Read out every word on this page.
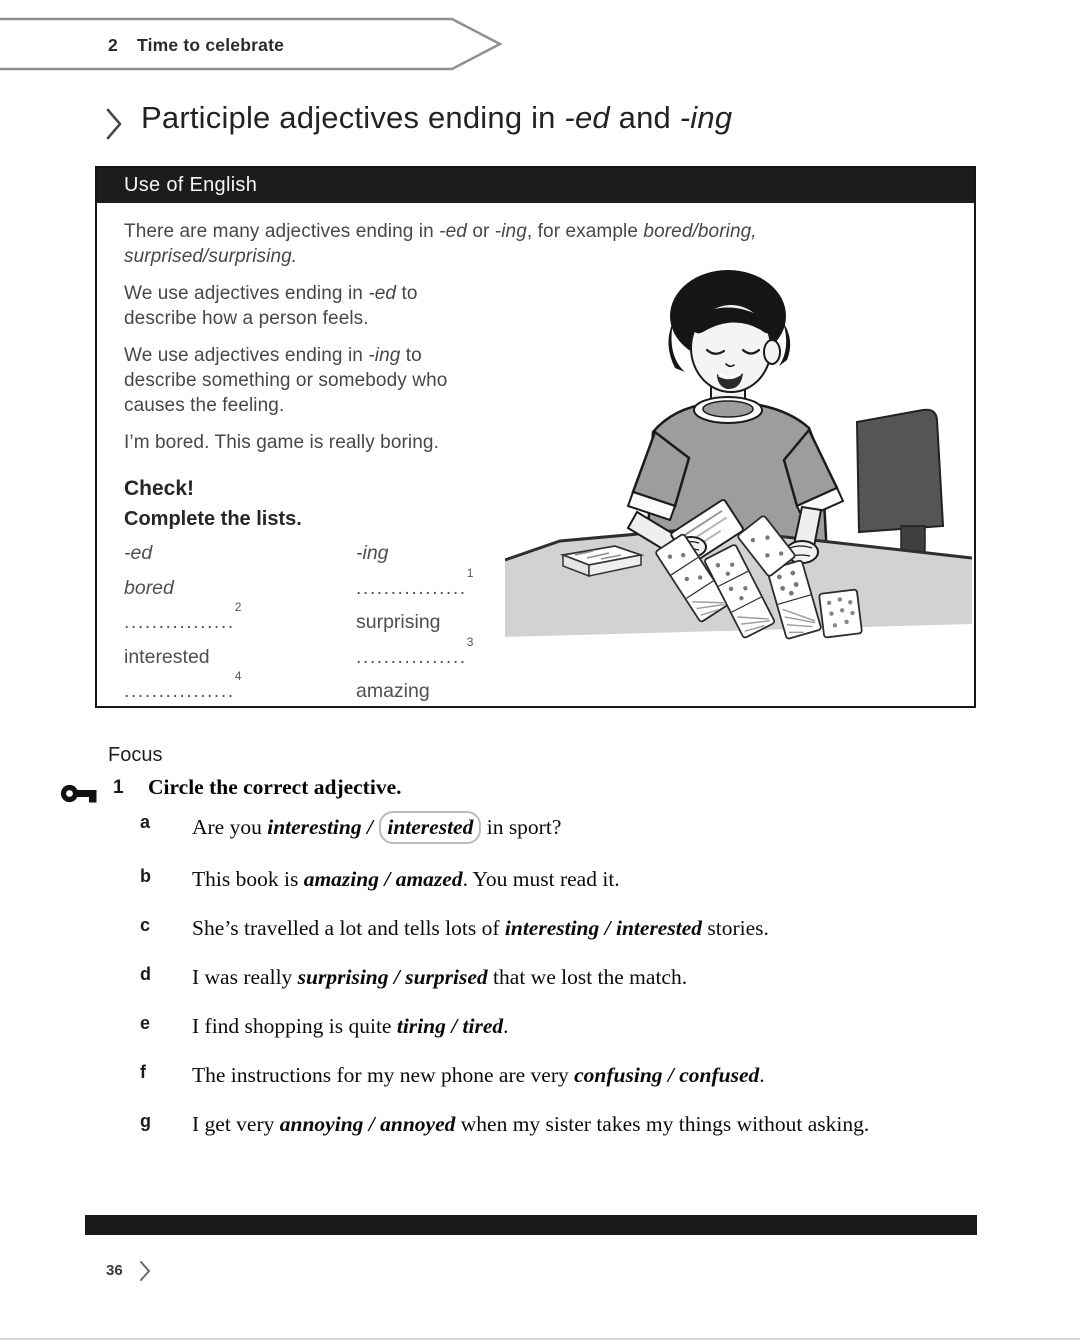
2 Time to celebrate
Participle adjectives ending in -ed and -ing
Use of English

There are many adjectives ending in -ed or -ing, for example bored/boring,
surprised/surprising.

We use adjectives ending in -ed to
describe how a person feels.

We use adjectives ending in -ing to
describe something or somebody who
causes the feeling.

I’m bored. This game is really boring.

Check!
Complete the lists.
-ed
bored
................
2
interested
................
4
-ing
................
1
surprising
................
3
amazing
Focus
1 Circle the correct adjective.
a Are you interesting / interested in sport?
b This book is amazing / amazed. You must read it.
c She’s travelled a lot and tells lots of interesting / interested stories.
d I was really surprising / surprised that we lost the match.
e I find shopping is quite tiring / tired.
f The instructions for my new phone are very confusing / confused.
g I get very annoying / annoyed when my sister takes my things without asking.
36
